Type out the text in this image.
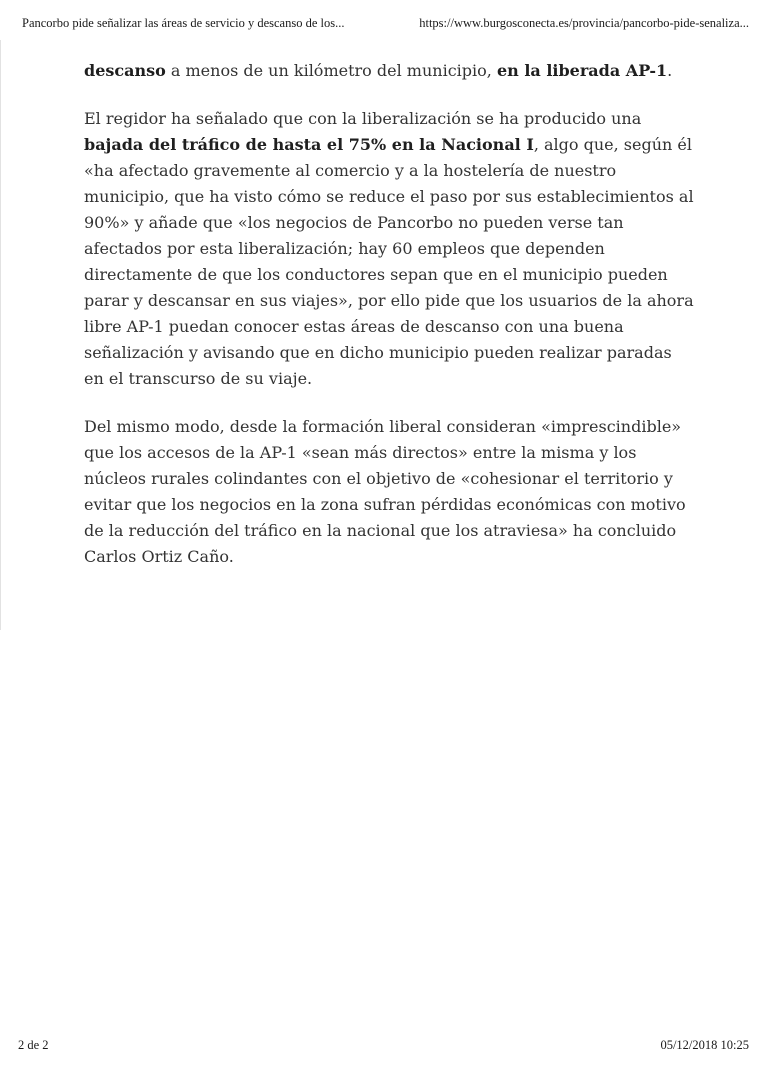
Pancorbo pide señalizar las áreas de servicio y descanso de los...	https://www.burgosconecta.es/provincia/pancorbo-pide-senaliza...

descanso a menos de un kilómetro del municipio, en la liberada AP-1.

El regidor ha señalado que con la liberalización se ha producido una bajada del tráfico de hasta el 75% en la Nacional I, algo que, según él «ha afectado gravemente al comercio y a la hostelería de nuestro municipio, que ha visto cómo se reduce el paso por sus establecimientos al 90%» y añade que «los negocios de Pancorbo no pueden verse tan afectados por esta liberalización; hay 60 empleos que dependen directamente de que los conductores sepan que en el municipio pueden parar y descansar en sus viajes», por ello pide que los usuarios de la ahora libre AP-1 puedan conocer estas áreas de descanso con una buena señalización y avisando que en dicho municipio pueden realizar paradas en el transcurso de su viaje.

Del mismo modo, desde la formación liberal consideran «imprescindible» que los accesos de la AP-1 «sean más directos» entre la misma y los núcleos rurales colindantes con el objetivo de «cohesionar el territorio y evitar que los negocios en la zona sufran pérdidas económicas con motivo de la reducción del tráfico en la nacional que los atraviesa» ha concluido Carlos Ortiz Caño.

2 de 2	05/12/2018 10:25
